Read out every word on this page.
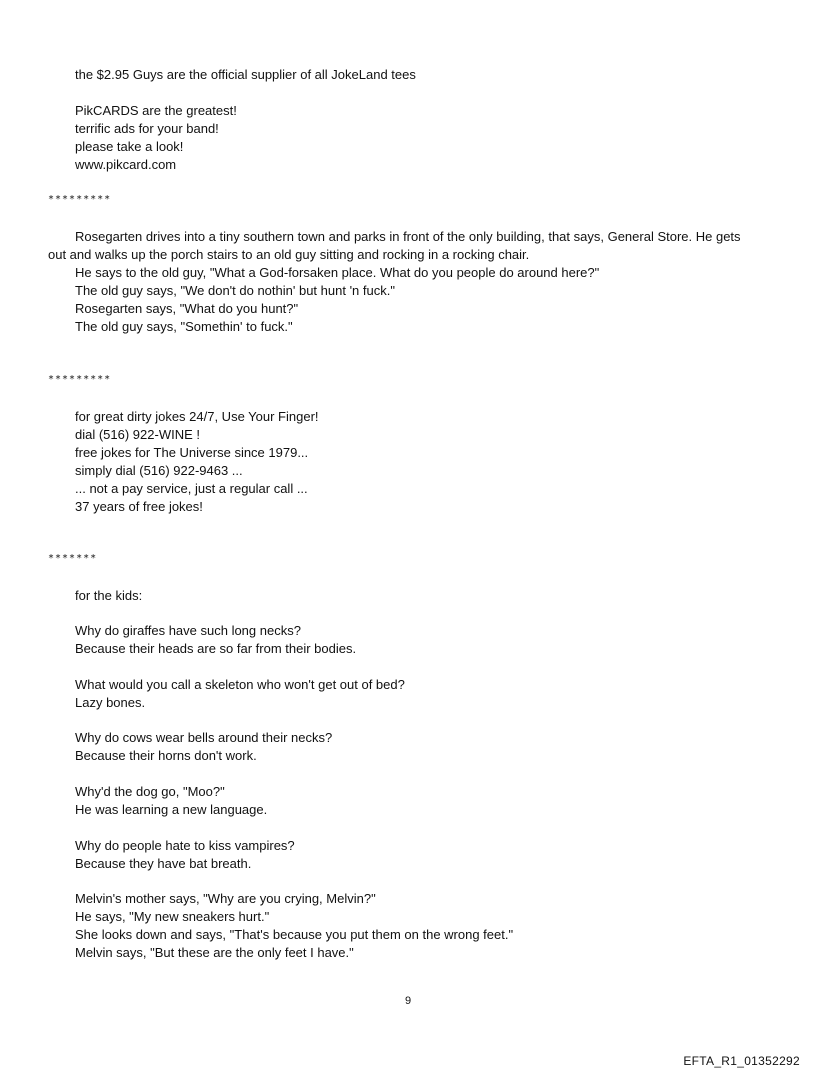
the $2.95 Guys are the official supplier of all JokeLand tees
PikCARDS are the greatest!
terrific ads for your band!
please take a look!
www.pikcard.com
*********
Rosegarten drives into a tiny southern town and parks in front of the only building, that says, General Store. He gets
out and walks up the porch stairs to an old guy sitting and rocking in a rocking chair.
He says to the old guy, "What a God-forsaken place. What do you people do around here?"
The old guy says, "We don't do nothin' but hunt 'n fuck."
Rosegarten says, "What do you hunt?"
The old guy says, "Somethin' to fuck."
*********
for great dirty jokes 24/7, Use Your Finger!
dial (516) 922-WINE !
free jokes for The Universe since 1979...
simply dial (516) 922-9463 ...
... not a pay service, just a regular call ...
37 years of free jokes!
*******
for the kids:
Why do giraffes have such long necks?
Because their heads are so far from their bodies.
What would you call a skeleton who won't get out of bed?
Lazy bones.
Why do cows wear bells around their necks?
Because their horns don't work.
Why'd the dog go, "Moo?"
He was learning a new language.
Why do people hate to kiss vampires?
Because they have bat breath.
Melvin's mother says, "Why are you crying, Melvin?"
He says, "My new sneakers hurt."
She looks down and says, "That's because you put them on the wrong feet."
Melvin says, "But these are the only feet I have."
9
EFTA_R1_01352292
